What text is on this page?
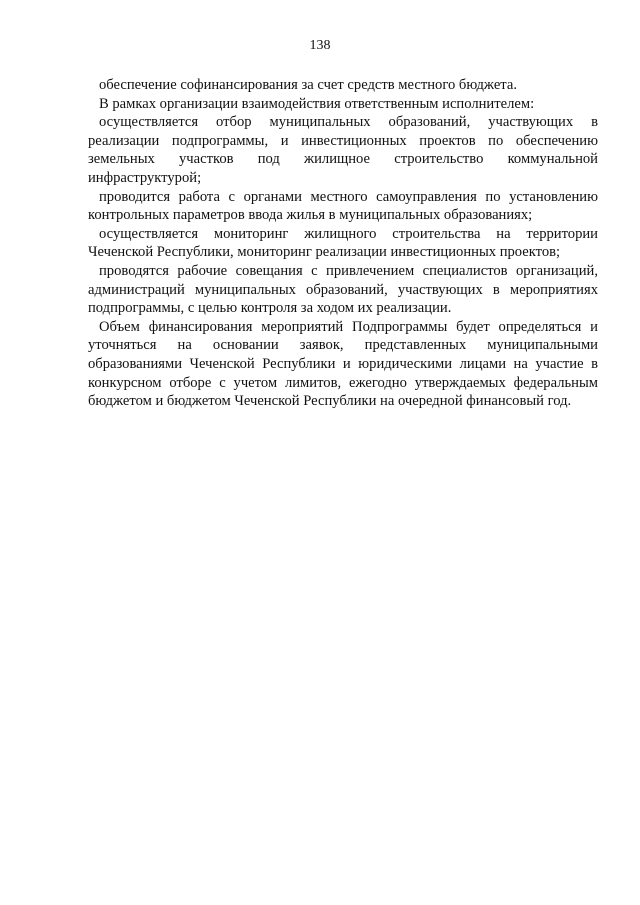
138

обеспечение софинансирования за счет средств местного бюджета.

В рамках организации взаимодействия ответственным исполнителем:

осуществляется отбор муниципальных образований, участвующих в реализации подпрограммы, и инвестиционных проектов по обеспечению земельных участков под жилищное строительство коммунальной инфраструктурой;

проводится работа с органами местного самоуправления по установлению контрольных параметров ввода жилья в муниципальных образованиях;

осуществляется мониторинг жилищного строительства на территории Чеченской Республики, мониторинг реализации инвестиционных проектов;

проводятся рабочие совещания с привлечением специалистов организаций, администраций муниципальных образований, участвующих в мероприятиях подпрограммы, с целью контроля за ходом их реализации.

Объем финансирования мероприятий Подпрограммы будет определяться и уточняться на основании заявок, представленных муниципальными образованиями Чеченской Республики и юридическими лицами на участие в конкурсном отборе с учетом лимитов, ежегодно утверждаемых федеральным бюджетом и бюджетом Чеченской Республики на очередной финансовый год.
